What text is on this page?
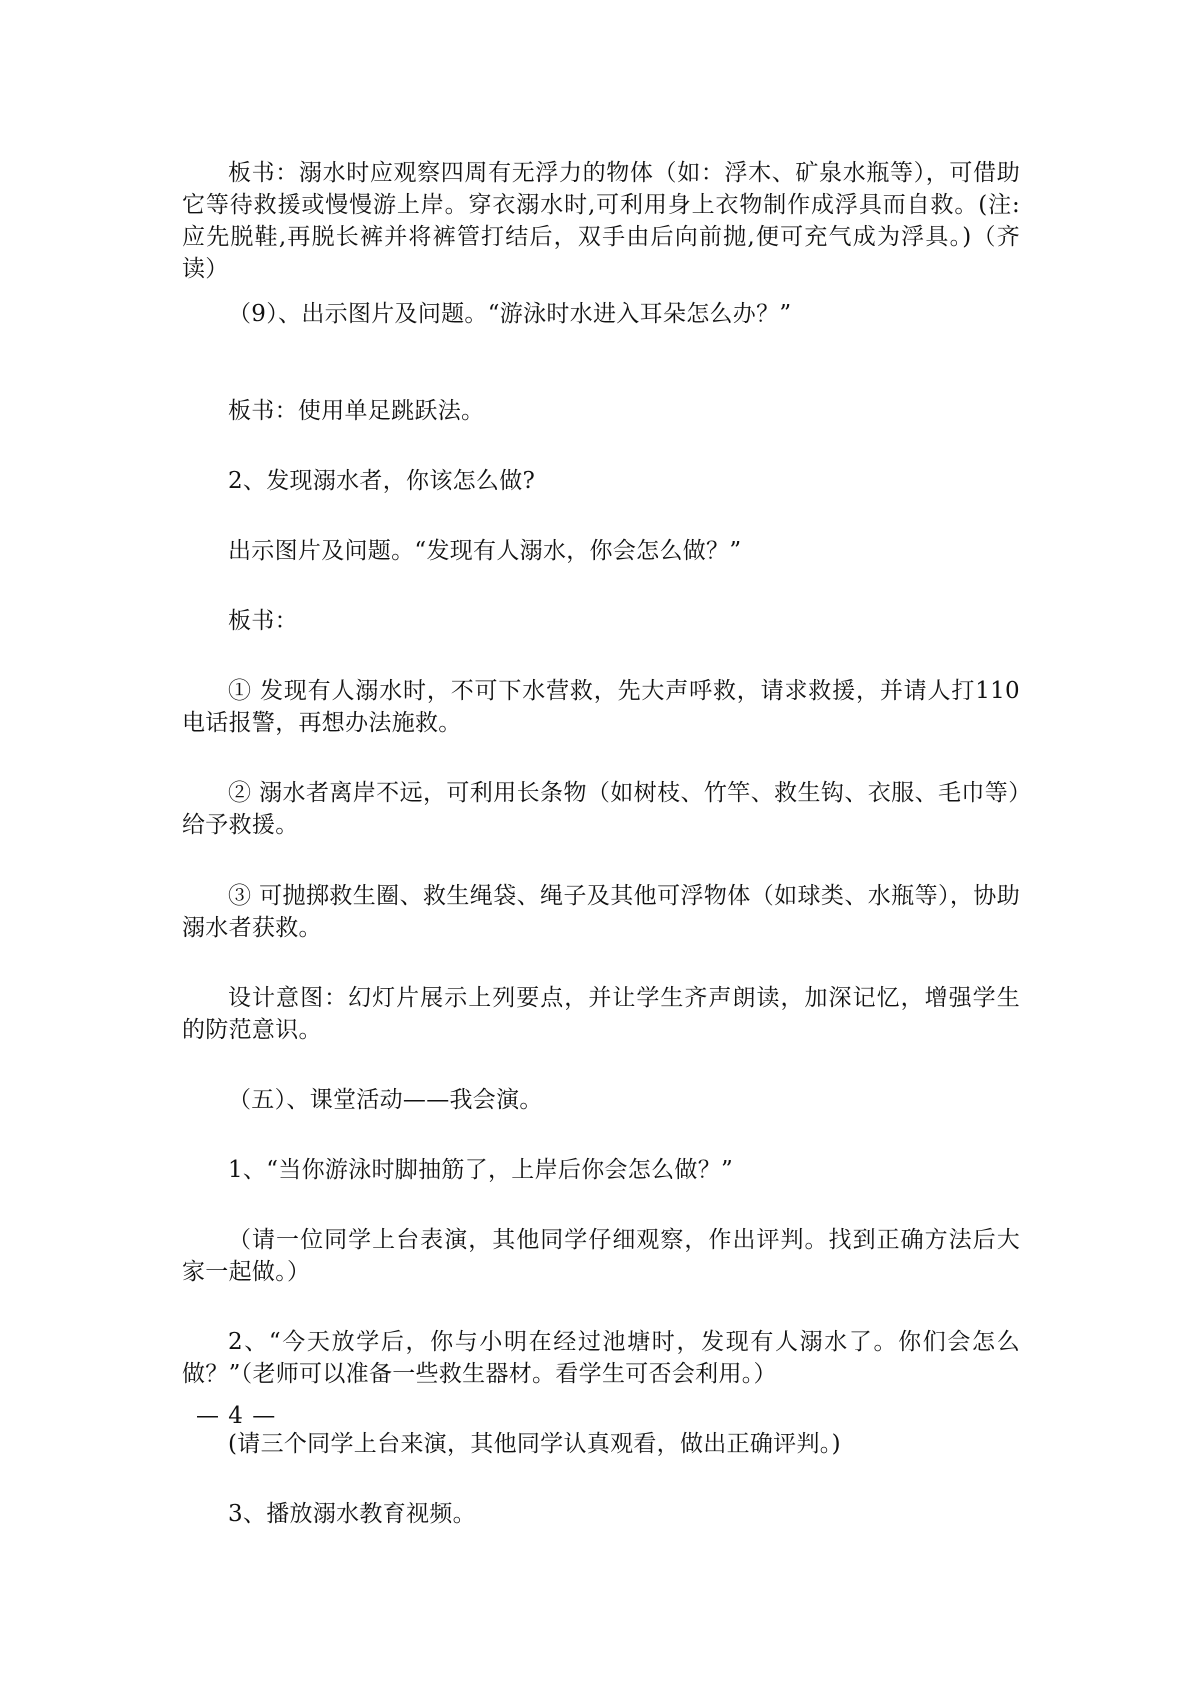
板书：溺水时应观察四周有无浮力的物体（如：浮木、矿泉水瓶等），可借助它等待救援或慢慢游上岸。穿衣溺水时,可利用身上衣物制作成浮具而自救。(注:应先脱鞋,再脱长裤并将裤管打结后，双手由后向前抛,便可充气成为浮具。)（齐读）

（9）、出示图片及问题。“游泳时水进入耳朵怎么办？”

板书：使用单足跳跃法。

2、发现溺水者，你该怎么做?

出示图片及问题。“发现有人溺水，你会怎么做？”

板书：

① 发现有人溺水时，不可下水营救，先大声呼救，请求救援，并请人打110 电话报警，再想办法施救。

② 溺水者离岸不远，可利用长条物（如树枝、竹竿、救生钩、衣服、毛巾等）给予救援。

③ 可抛掷救生圈、救生绳袋、绳子及其他可浮物体（如球类、水瓶等），协助溺水者获救。

设计意图：幻灯片展示上列要点，并让学生齐声朗读，加深记忆，增强学生的防范意识。

（五）、课堂活动——我会演。

1、“当你游泳时脚抽筋了，上岸后你会怎么做？”

（请一位同学上台表演，其他同学仔细观察，作出评判。找到正确方法后大家一起做。）

2、“今天放学后，你与小明在经过池塘时，发现有人溺水了。你们会怎么做？”（老师可以准备一些救生器材。看学生可否会利用。）

— 4 —

(请三个同学上台来演，其他同学认真观看，做出正确评判。)

3、播放溺水教育视频。
